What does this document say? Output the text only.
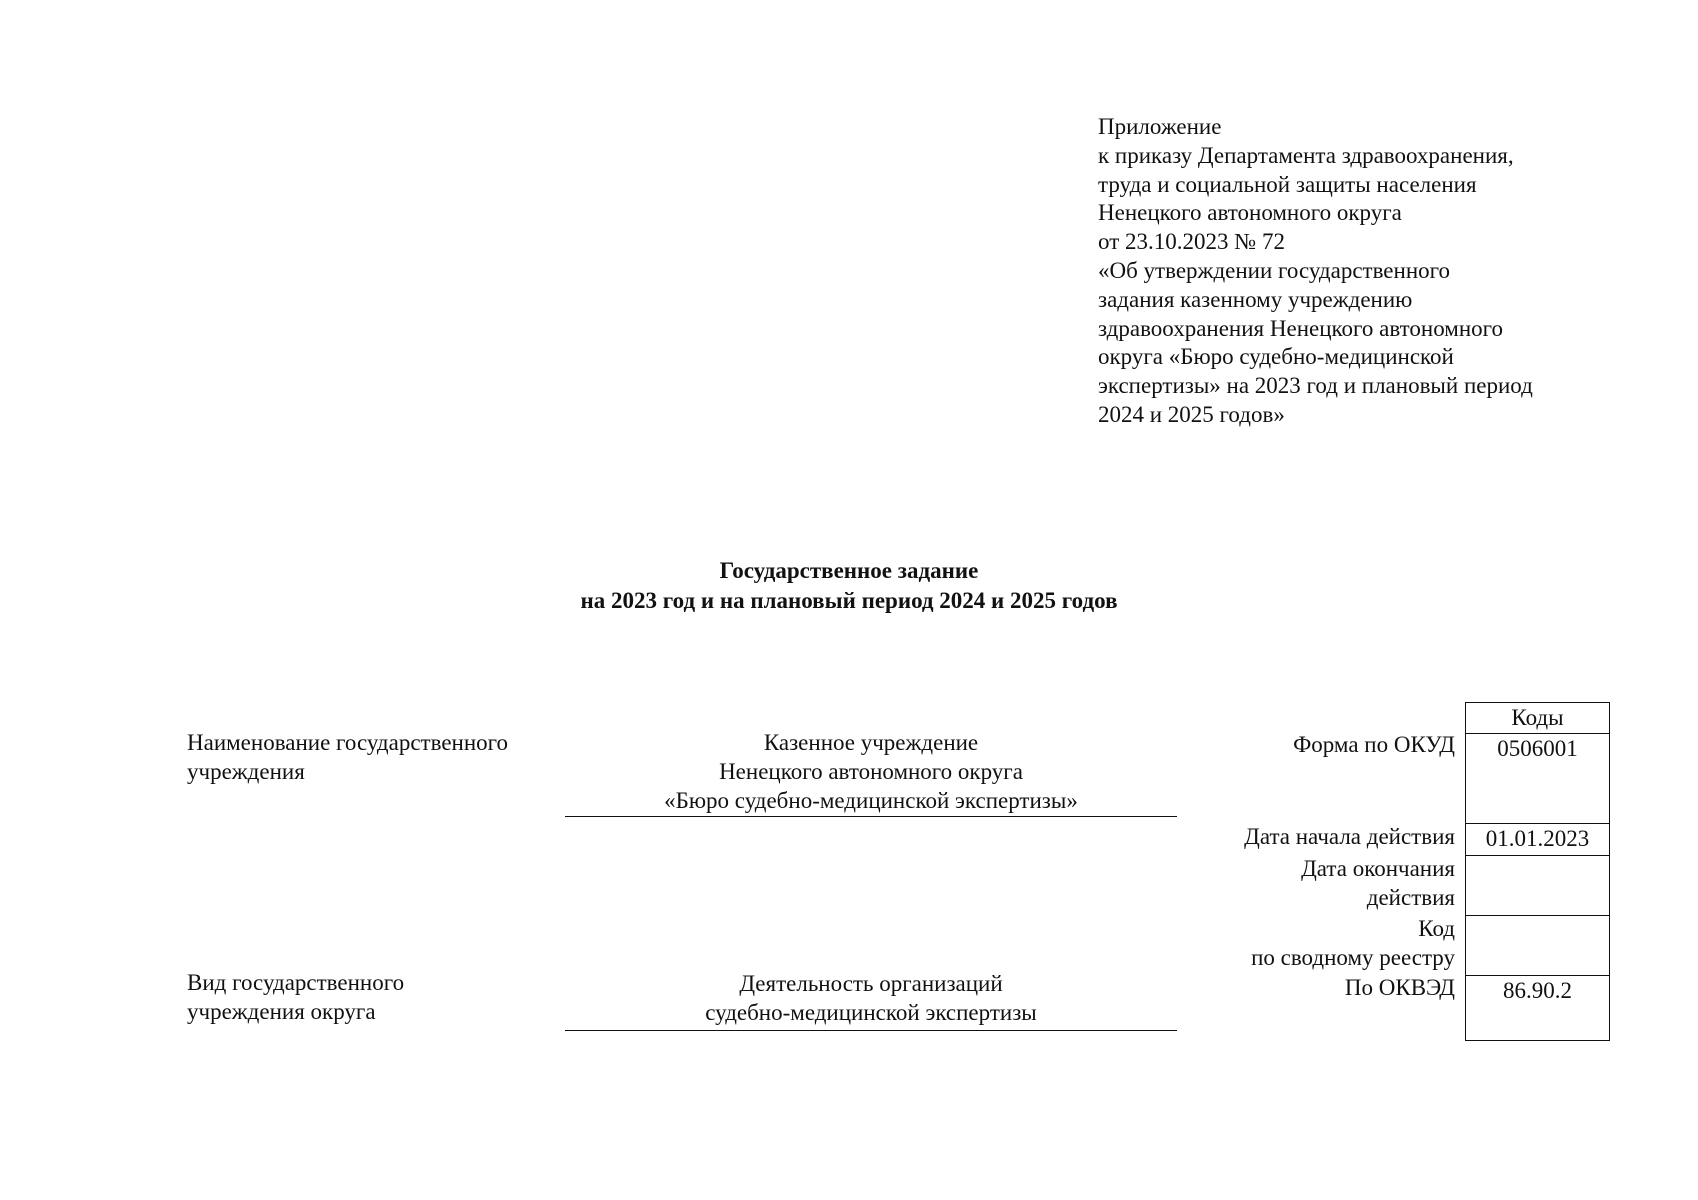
Приложение
к приказу Департамента здравоохранения,
труда и социальной защиты населения
Ненецкого автономного округа
от 23.10.2023 № 72
«Об утверждении государственного
задания казенному учреждению
здравоохранения Ненецкого автономного
округа «Бюро судебно-медицинской
экспертизы» на 2023 год и плановый период
2024 и 2025 годов»
Государственное задание
на 2023 год и на плановый период 2024 и 2025 годов
Наименование государственного
учреждения
Казенное учреждение
Ненецкого автономного округа
«Бюро судебно-медицинской экспертизы»
Вид государственного
учреждения округа
Деятельность организаций
судебно-медицинской экспертизы
Форма по ОКУД
Дата начала действия
Дата окончания
действия
Код
по сводному реестру
По ОКВЭД
Коды
0506001
01.01.2023
86.90.2
